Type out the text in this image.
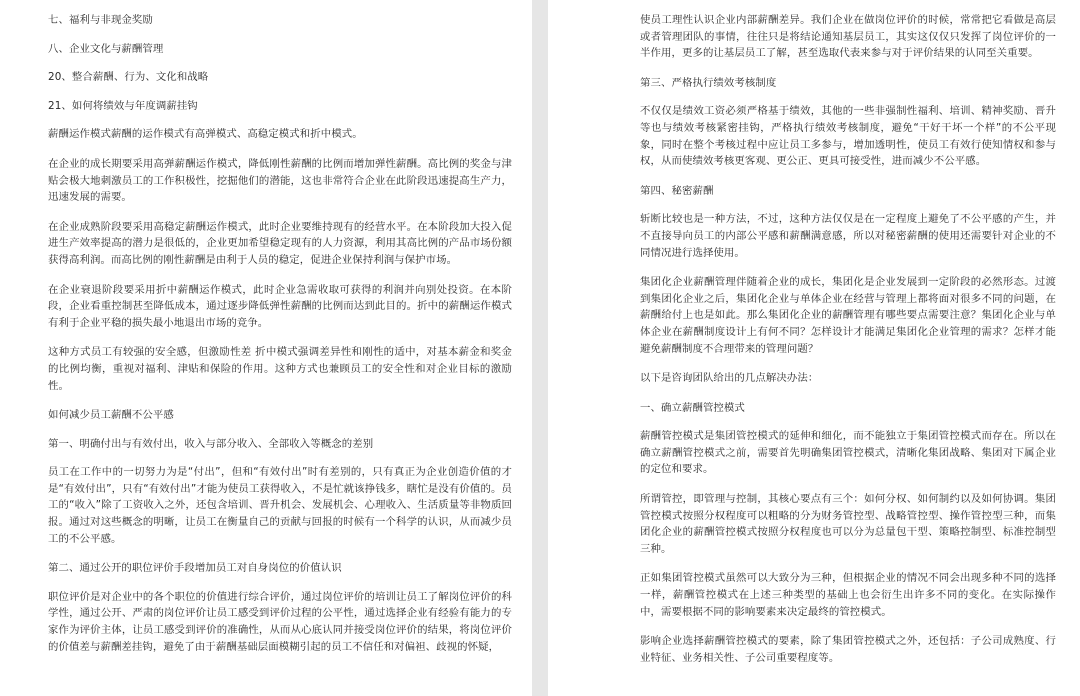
七、福利与非现金奖励

八、企业文化与薪酬管理

20、整合薪酬、行为、文化和战略

21、如何将绩效与年度调薪挂钩

薪酬运作模式薪酬的运作模式有高弹模式、高稳定模式和折中模式。

在企业的成长期要采用高弹薪酬运作模式，降低刚性薪酬的比例而增加弹性薪酬。高比例的奖金与津贴会极大地刺激员工的工作积极性，挖掘他们的潜能，这也非常符合企业在此阶段迅速提高生产力，迅速发展的需要。

在企业成熟阶段要采用高稳定薪酬运作模式，此时企业要维持现有的经营水平。在本阶段加大投入促进生产效率提高的潜力是很低的，企业更加希望稳定现有的人力资源，利用其高比例的产品市场份额获得高利润。而高比例的刚性薪酬是由利于人员的稳定，促进企业保持利润与保护市场。

在企业衰退阶段要采用折中薪酬运作模式，此时企业急需收取可获得的利润并向别处投资。在本阶段，企业看重控制甚至降低成本，通过逐步降低弹性薪酬的比例而达到此目的。折中的薪酬运作模式有利于企业平稳的损失最小地退出市场的竞争。

这种方式员工有较强的安全感，但激励性差 折中模式强调差异性和刚性的适中，对基本薪金和奖金的比例均衡，重视对福利、津贴和保险的作用。这种方式也兼顾员工的安全性和对企业目标的激励性。

如何减少员工薪酬不公平感

第一、明确付出与有效付出，收入与部分收入、全部收入等概念的差别

员工在工作中的一切努力为是“付出”，但和“有效付出”时有差别的，只有真正为企业创造价值的才是“有效付出”，只有“有效付出”才能为使员工获得收入，不是忙就该挣钱多，瞎忙是没有价值的。员工的“收入”除了工资收入之外，还包含培训、晋升机会、发展机会、心理收入、生活质量等非物质回报。通过对这些概念的明晰，让员工在衡量自己的贡献与回报的时候有一个科学的认识，从而减少员工的不公平感。

第二、通过公开的职位评价手段增加员工对自身岗位的价值认识

职位评价是对企业中的各个职位的价值进行综合评价，通过岗位评价的培训让员工了解岗位评价的科学性，通过公开、严肃的岗位评价让员工感受到评价过程的公平性，通过选择企业有经验有能力的专家作为评价主体，让员工感受到评价的准确性，从而从心底认同并接受岗位评价的结果，将岗位评价的价值差与薪酬差挂钩，避免了由于薪酬基础层面模糊引起的员工不信任和对偏袒、歧视的怀疑，

使员工理性认识企业内部薪酬差异。我们企业在做岗位评价的时候，常常把它看做是高层或者管理团队的事情，往往只是将结论通知基层员工，其实这仅仅只发挥了岗位评价的一半作用，更多的让基层员工了解，甚至选取代表来参与对于评价结果的认同至关重要。

第三、严格执行绩效考核制度

不仅仅是绩效工资必须严格基于绩效，其他的一些非强制性福利、培训、精神奖励、晋升等也与绩效考核紧密挂钩，严格执行绩效考核制度，避免“干好干坏一个样”的不公平现象，同时在整个考核过程中应让员工多参与，增加透明性，使员工有效行使知情权和参与权，从而使绩效考核更客观、更公正、更具可接受性，进而减少不公平感。

第四、秘密薪酬

斩断比较也是一种方法，不过，这种方法仅仅是在一定程度上避免了不公平感的产生，并不直接导向员工的内部公平感和薪酬满意感，所以对秘密薪酬的使用还需要针对企业的不同情况进行选择使用。

集团化企业薪酬管理伴随着企业的成长，集团化是企业发展到一定阶段的必然形态。过渡到集团化企业之后，集团化企业与单体企业在经营与管理上都将面对很多不同的问题，在薪酬给付上也是如此。那么集团化企业的薪酬管理有哪些要点需要注意？集团化企业与单体企业在薪酬制度设计上有何不同？怎样设计才能满足集团化企业管理的需求？怎样才能避免薪酬制度不合理带来的管理问题？

以下是咨询团队给出的几点解决办法：

一、确立薪酬管控模式

薪酬管控模式是集团管控模式的延伸和细化，而不能独立于集团管控模式而存在。所以在确立薪酬管控模式之前，需要首先明确集团管控模式，清晰化集团战略、集团对下属企业的定位和要求。

所谓管控，即管理与控制，其核心要点有三个：如何分权、如何制约以及如何协调。集团管控模式按照分权程度可以粗略的分为财务管控型、战略管控型、操作管控型三种，而集团化企业的薪酬管控模式按照分权程度也可以分为总量包干型、策略控制型、标准控制型三种。

正如集团管控模式虽然可以大致分为三种，但根据企业的情况不同会出现多种不同的选择一样，薪酬管控模式在上述三种类型的基础上也会衍生出许多不同的变化。在实际操作中，需要根据不同的影响要素来决定最终的管控模式。

影响企业选择薪酬管控模式的要素，除了集团管控模式之外，还包括：子公司成熟度、行业特征、业务相关性、子公司重要程度等。
